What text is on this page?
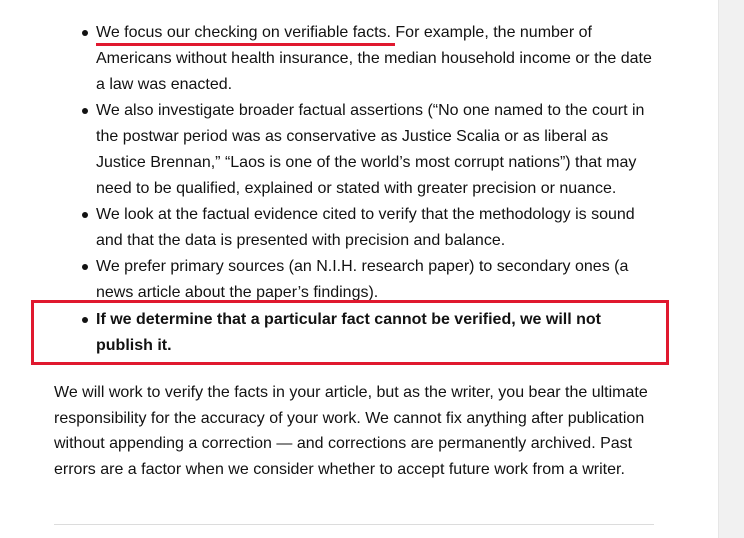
We focus our checking on verifiable facts. For example, the number of Americans without health insurance, the median household income or the date a law was enacted.
We also investigate broader factual assertions (“No one named to the court in the postwar period was as conservative as Justice Scalia or as liberal as Justice Brennan,” “Laos is one of the world’s most corrupt nations”) that may need to be qualified, explained or stated with greater precision or nuance.
We look at the factual evidence cited to verify that the methodology is sound and that the data is presented with precision and balance.
We prefer primary sources (an N.I.H. research paper) to secondary ones (a news article about the paper’s findings).
If we determine that a particular fact cannot be verified, we will not publish it.

We will work to verify the facts in your article, but as the writer, you bear the ultimate responsibility for the accuracy of your work. We cannot fix anything after publication without appending a correction — and corrections are permanently archived. Past errors are a factor when we consider whether to accept future work from a writer.
